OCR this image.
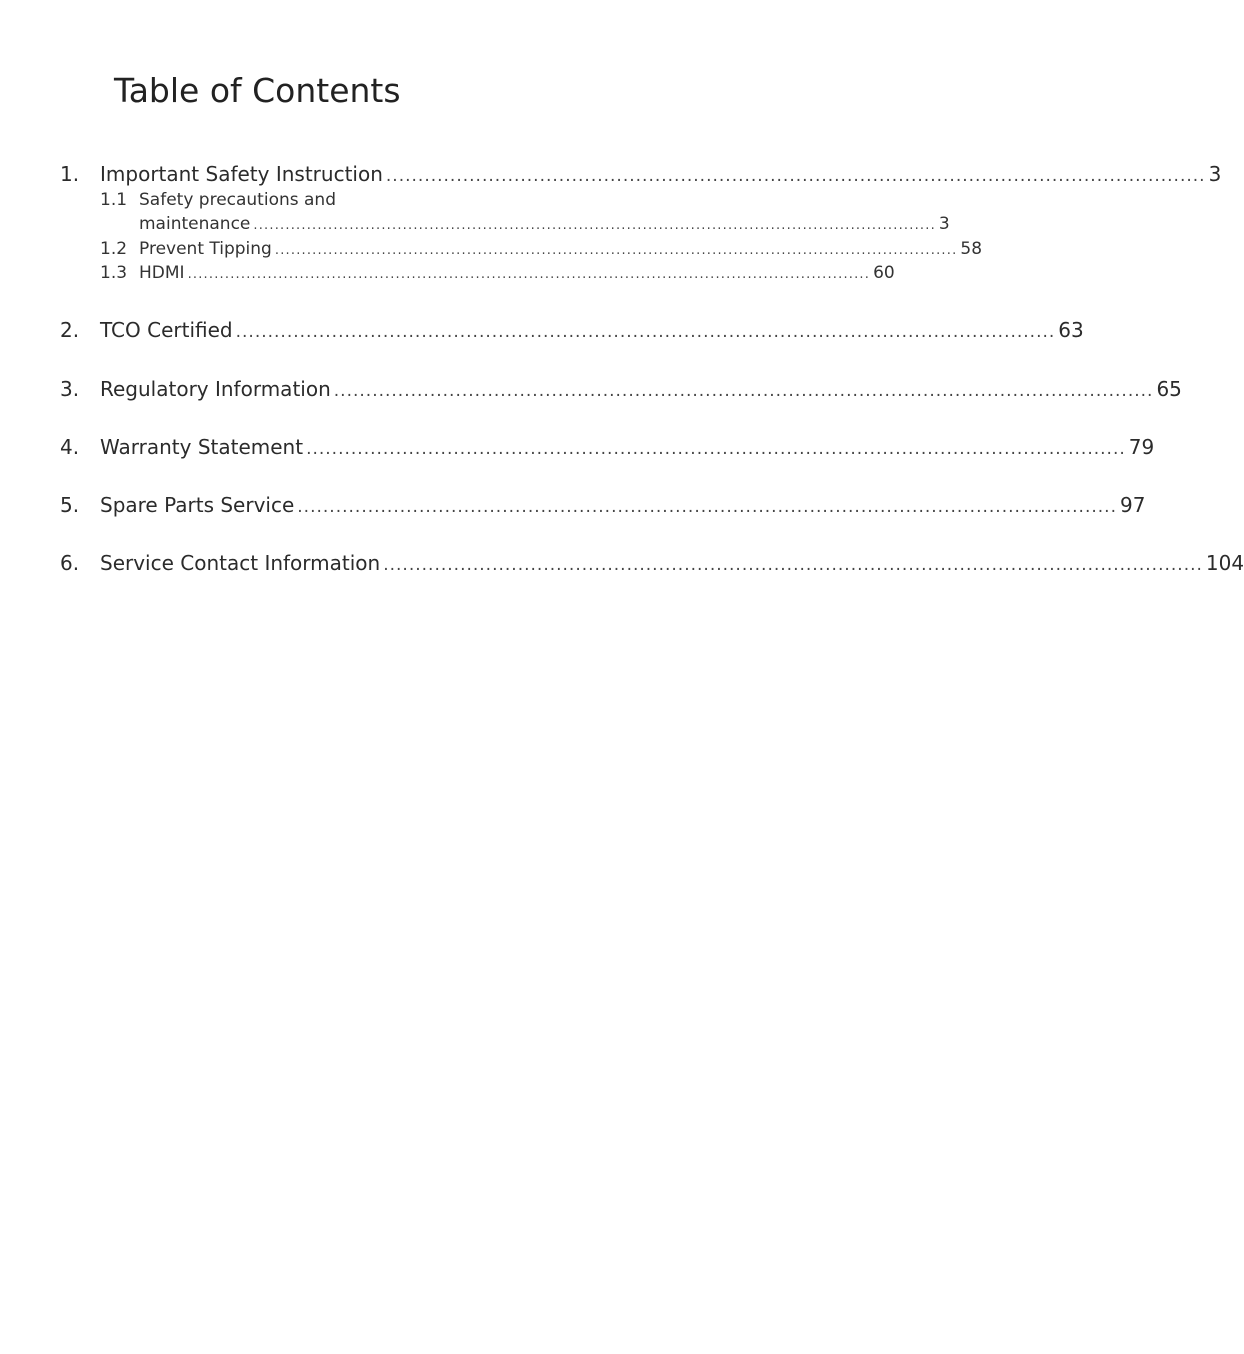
Table of Contents
1.	Important Safety Instruction ................................................................................................................................ 3
1.1 Safety precautions and
maintenance ................................................................................................................................ 3
1.2 Prevent Tipping ................................................................................................................................ 58
1.3 HDMI ................................................................................................................................ 60
2.	TCO Certified ................................................................................................................................ 63
3.	Regulatory Information ................................................................................................................................ 65
4.	Warranty Statement ................................................................................................................................ 79
5.	Spare Parts Service ................................................................................................................................ 97
6.	Service Contact Information ................................................................................................................................ 104
